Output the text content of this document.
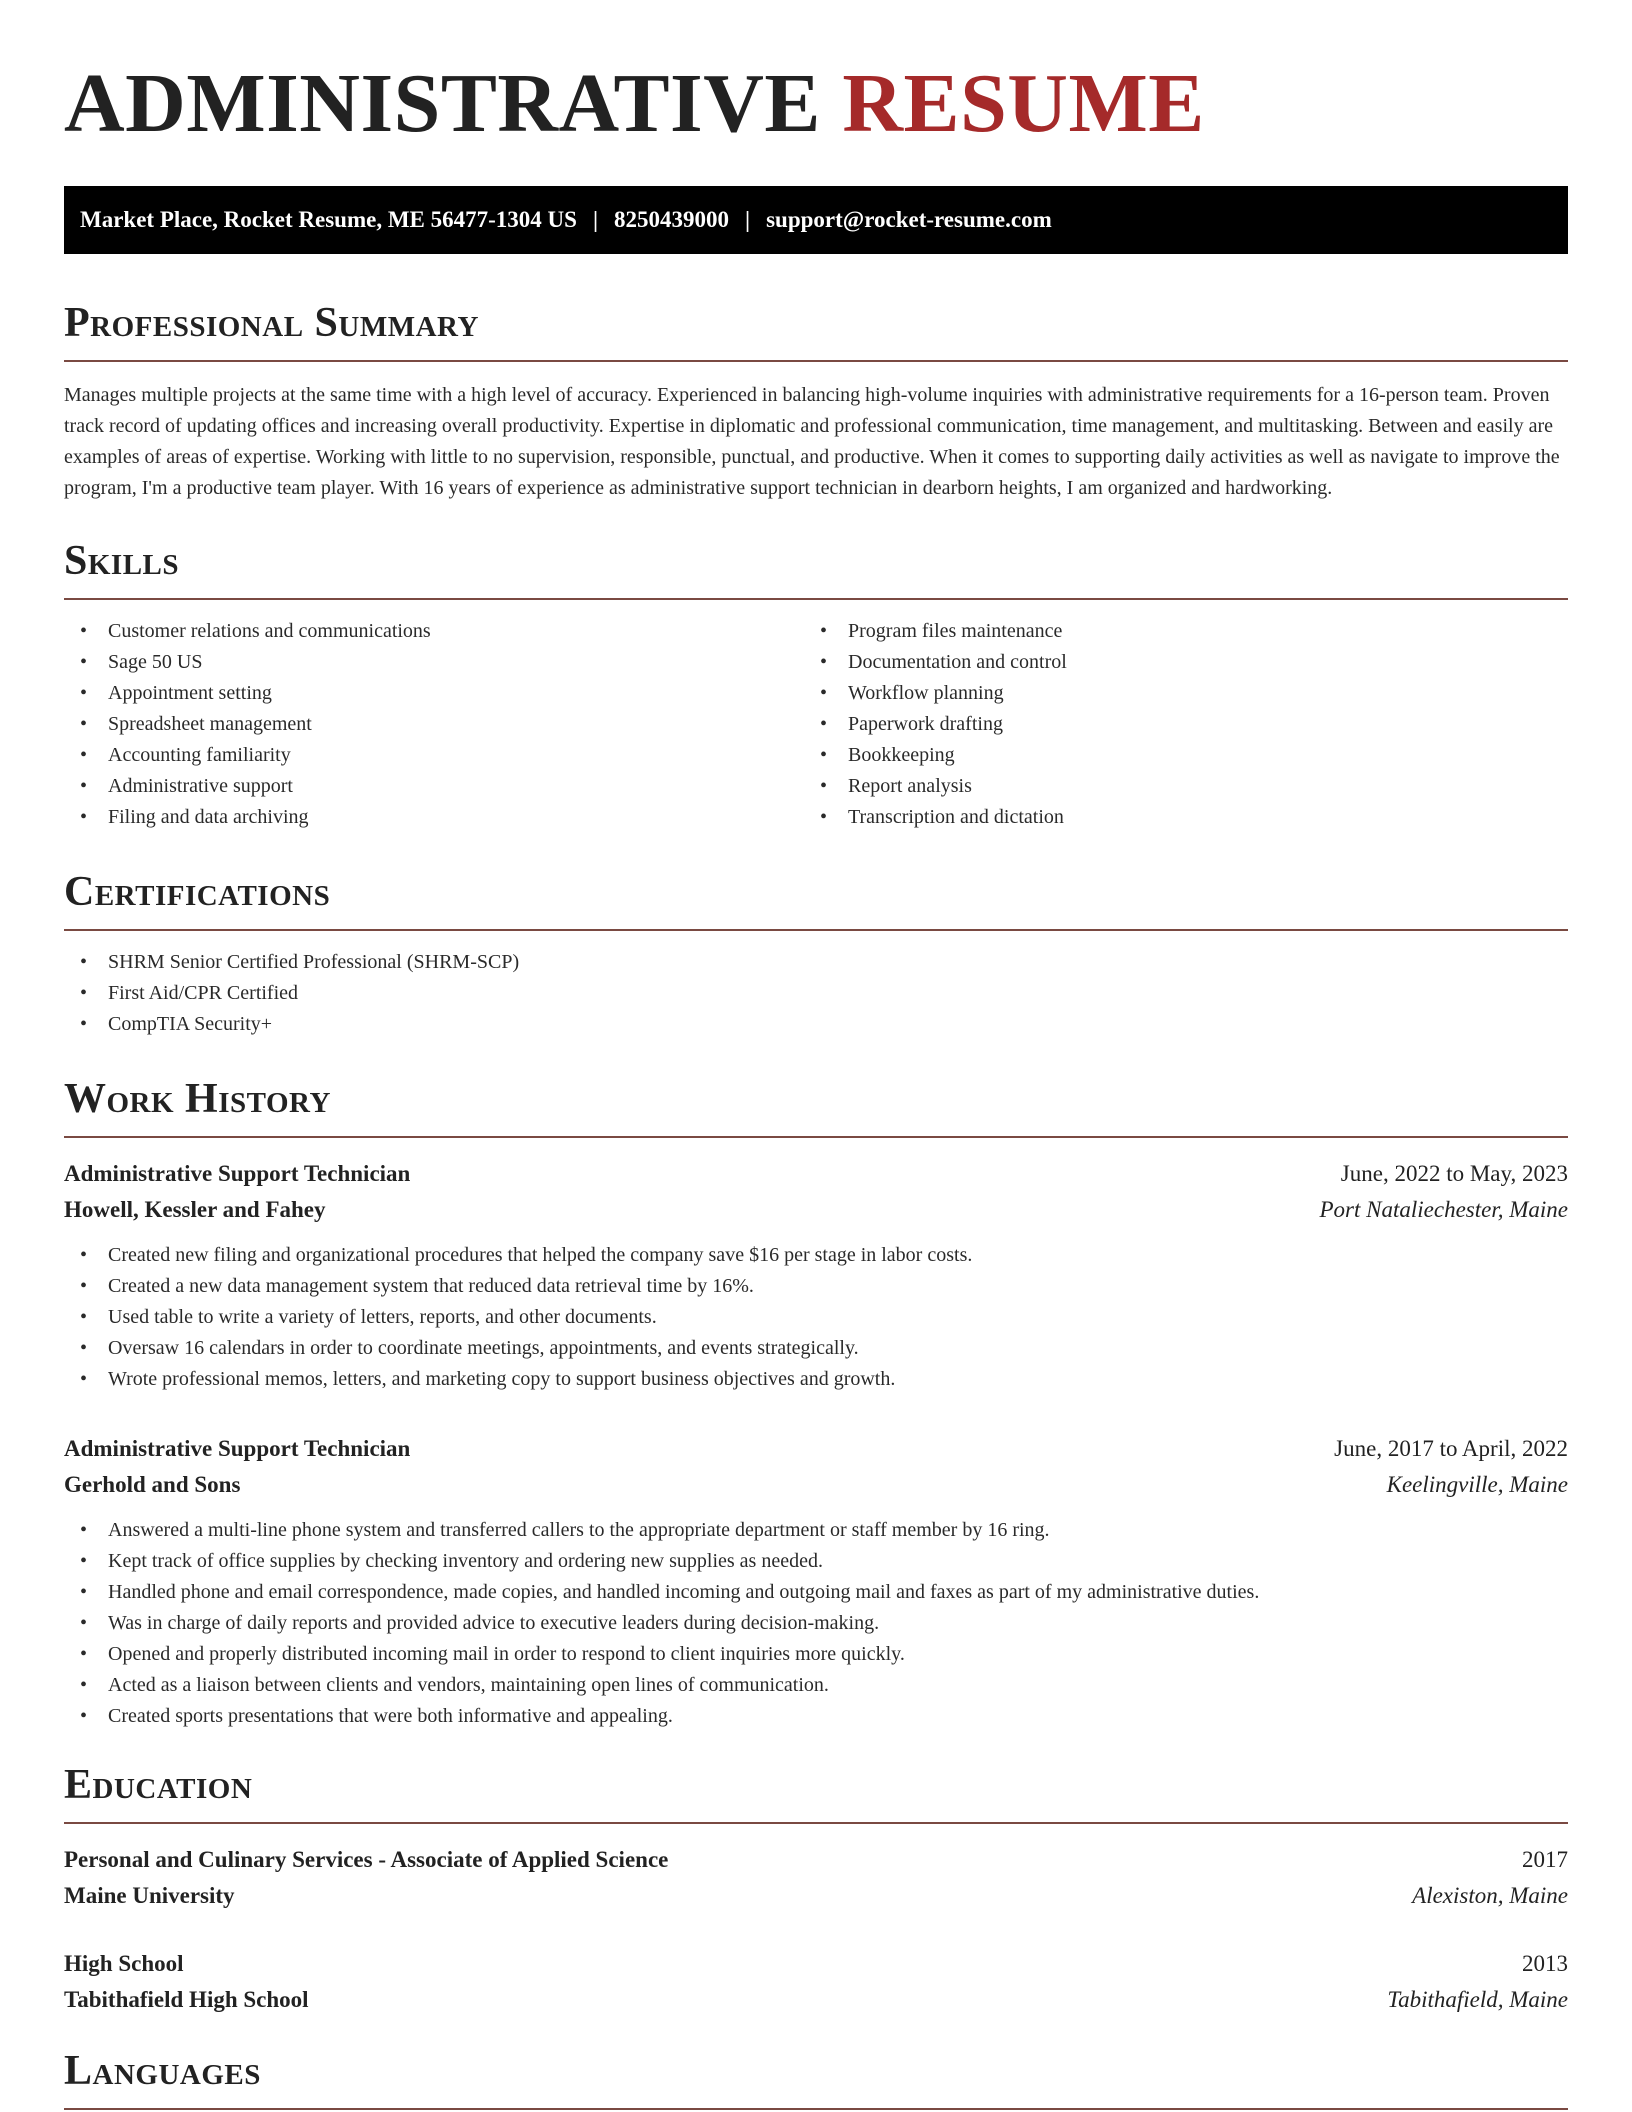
ADMINISTRATIVE RESUME
Market Place, Rocket Resume, ME 56477-1304 US | 8250439000 | support@rocket-resume.com
Professional Summary

Manages multiple projects at the same time with a high level of accuracy. Experienced in balancing high-volume inquiries with administrative requirements for a 16-person team. Proven track record of updating offices and increasing overall productivity. Expertise in diplomatic and professional communication, time management, and multitasking. Between and easily are examples of areas of expertise. Working with little to no supervision, responsible, punctual, and productive. When it comes to supporting daily activities as well as navigate to improve the program, I'm a productive team player. With 16 years of experience as administrative support technician in dearborn heights, I am organized and hardworking.

Skills
• Customer relations and communications
• Sage 50 US
• Appointment setting
• Spreadsheet management
• Accounting familiarity
• Administrative support
• Filing and data archiving
• Program files maintenance
• Documentation and control
• Workflow planning
• Paperwork drafting
• Bookkeeping
• Report analysis
• Transcription and dictation
Certifications
• SHRM Senior Certified Professional (SHRM-SCP)
• First Aid/CPR Certified
• CompTIA Security+
Work History
Administrative Support Technician	June, 2022 to May, 2023
Howell, Kessler and Fahey	Port Nataliechester, Maine
• Created new filing and organizational procedures that helped the company save $16 per stage in labor costs.
• Created a new data management system that reduced data retrieval time by 16%.
• Used table to write a variety of letters, reports, and other documents.
• Oversaw 16 calendars in order to coordinate meetings, appointments, and events strategically.
• Wrote professional memos, letters, and marketing copy to support business objectives and growth.
Administrative Support Technician	June, 2017 to April, 2022
Gerhold and Sons	Keelingville, Maine
• Answered a multi-line phone system and transferred callers to the appropriate department or staff member by 16 ring.
• Kept track of office supplies by checking inventory and ordering new supplies as needed.
• Handled phone and email correspondence, made copies, and handled incoming and outgoing mail and faxes as part of my administrative duties.
• Was in charge of daily reports and provided advice to executive leaders during decision-making.
• Opened and properly distributed incoming mail in order to respond to client inquiries more quickly.
• Acted as a liaison between clients and vendors, maintaining open lines of communication.
• Created sports presentations that were both informative and appealing.
Education
Personal and Culinary Services - Associate of Applied Science	2017
Maine University	Alexiston, Maine
High School	2013
Tabithafield High School	Tabithafield, Maine
Languages
